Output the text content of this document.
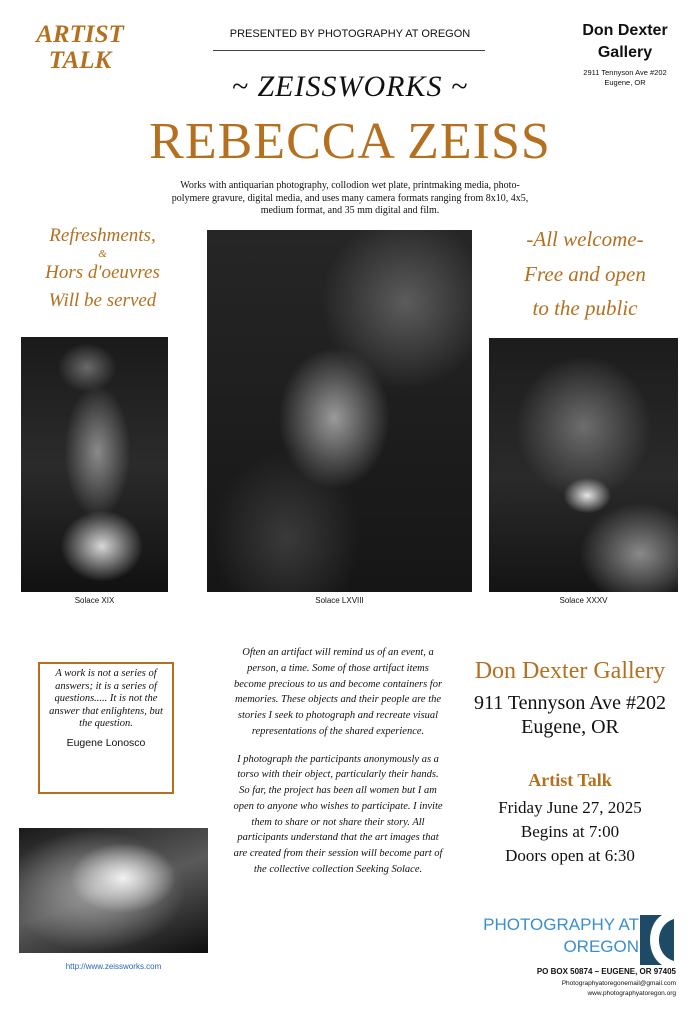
ARTIST
TALK
PRESENTED BY PHOTOGRAPHY AT OREGON	Don Dexter
Gallery
2911 Tennyson Ave #202
Eugene, OR
~ ZEISSWORKS ~
REBECCA ZEISS
Works with antiquarian photography, collodion wet plate, printmaking media, photo-polymere gravure, digital media, and uses many camera formats ranging from 8x10, 4x5, medium format, and 35 mm digital and film.
Refreshments,
&
Hors d'oeuvres
Will be served
-All welcome-
Free and open
to the public
Solace XIX	Solace LXVIII	Solace XXXV
A work is not a series of answers; it is a series of questions..... It is not the answer that enlightens, but the question.
Eugene Lonosco

Often an artifact will remind us of an event, a person, a time. Some of those artifact items become precious to us and become containers for memories. These objects and their people are the stories I seek to photograph and recreate visual representations of the shared experience.

I photograph the participants anonymously as a torso with their object, particularly their hands. So far, the project has been all women but I am open to anyone who wishes to participate. I invite them to share or not share their story. All participants understand that the art images that are created from their session will become part of the collective collection Seeking Solace.

http://www.zeissworks.com
Don Dexter Gallery
911 Tennyson Ave #202
Eugene, OR
Artist Talk
Friday June 27, 2025
Begins at 7:00
Doors open at 6:30
PHOTOGRAPHY AT
OREGON
PO BOX 50874 – EUGENE, OR 97405
Photographyatoregonemail@gmail.com
www.photographyatoregon.org
